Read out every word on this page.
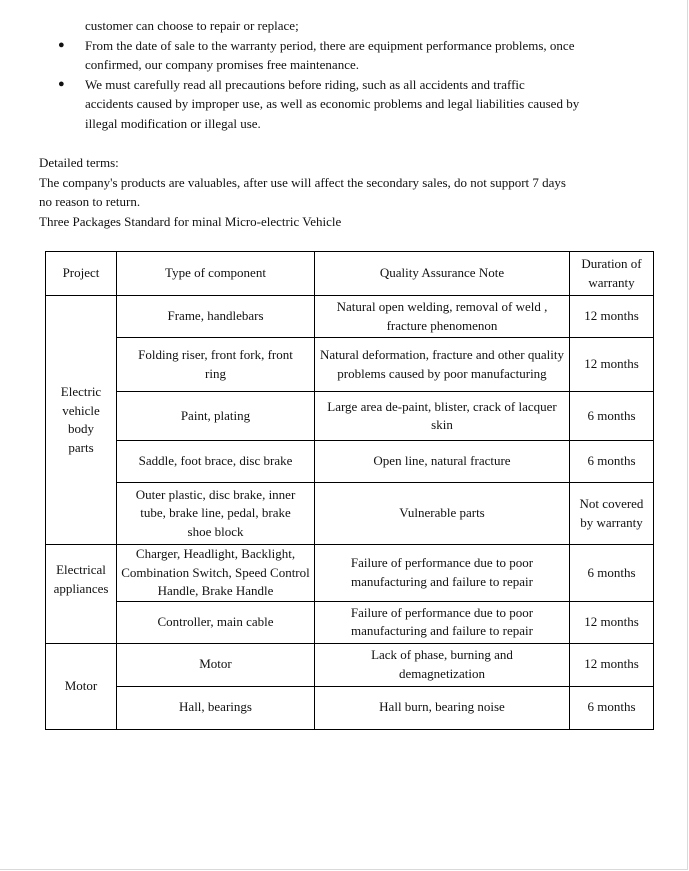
customer can choose to repair or replace;
● From the date of sale to the warranty period, there are equipment performance problems, once
confirmed, our company promises free maintenance.
● We must carefully read all precautions before riding, such as all accidents and traffic
accidents caused by improper use, as well as economic problems and legal liabilities caused by
illegal modification or illegal use.

Detailed terms:

The company's products are valuables, after use will affect the secondary sales, do not support 7 days

no reason to return.

Three Packages Standard for minal Micro-electric Vehicle

Project	Type of component	Quality Assurance Note	Duration of warranty
Electric vehicle body parts	Frame, handlebars	Natural open welding, removal of weld , fracture phenomenon	12 months
	Folding riser, front fork, front ring	Natural deformation, fracture and other quality problems caused by poor manufacturing	12 months
	Paint, plating	Large area de-paint, blister, crack of lacquer skin	6 months
	Saddle, foot brace, disc brake	Open line, natural fracture	6 months
	Outer plastic, disc brake, inner tube, brake line, pedal, brake shoe block	Vulnerable parts	Not covered by warranty
Electrical appliances	Charger, Headlight, Backlight, Combination Switch, Speed Control Handle, Brake Handle	Failure of performance due to poor manufacturing and failure to repair	6 months
	Controller, main cable	Failure of performance due to poor manufacturing and failure to repair	12 months
Motor	Motor	Lack of phase, burning and demagnetization	12 months
	Hall, bearings	Hall burn, bearing noise	6 months
